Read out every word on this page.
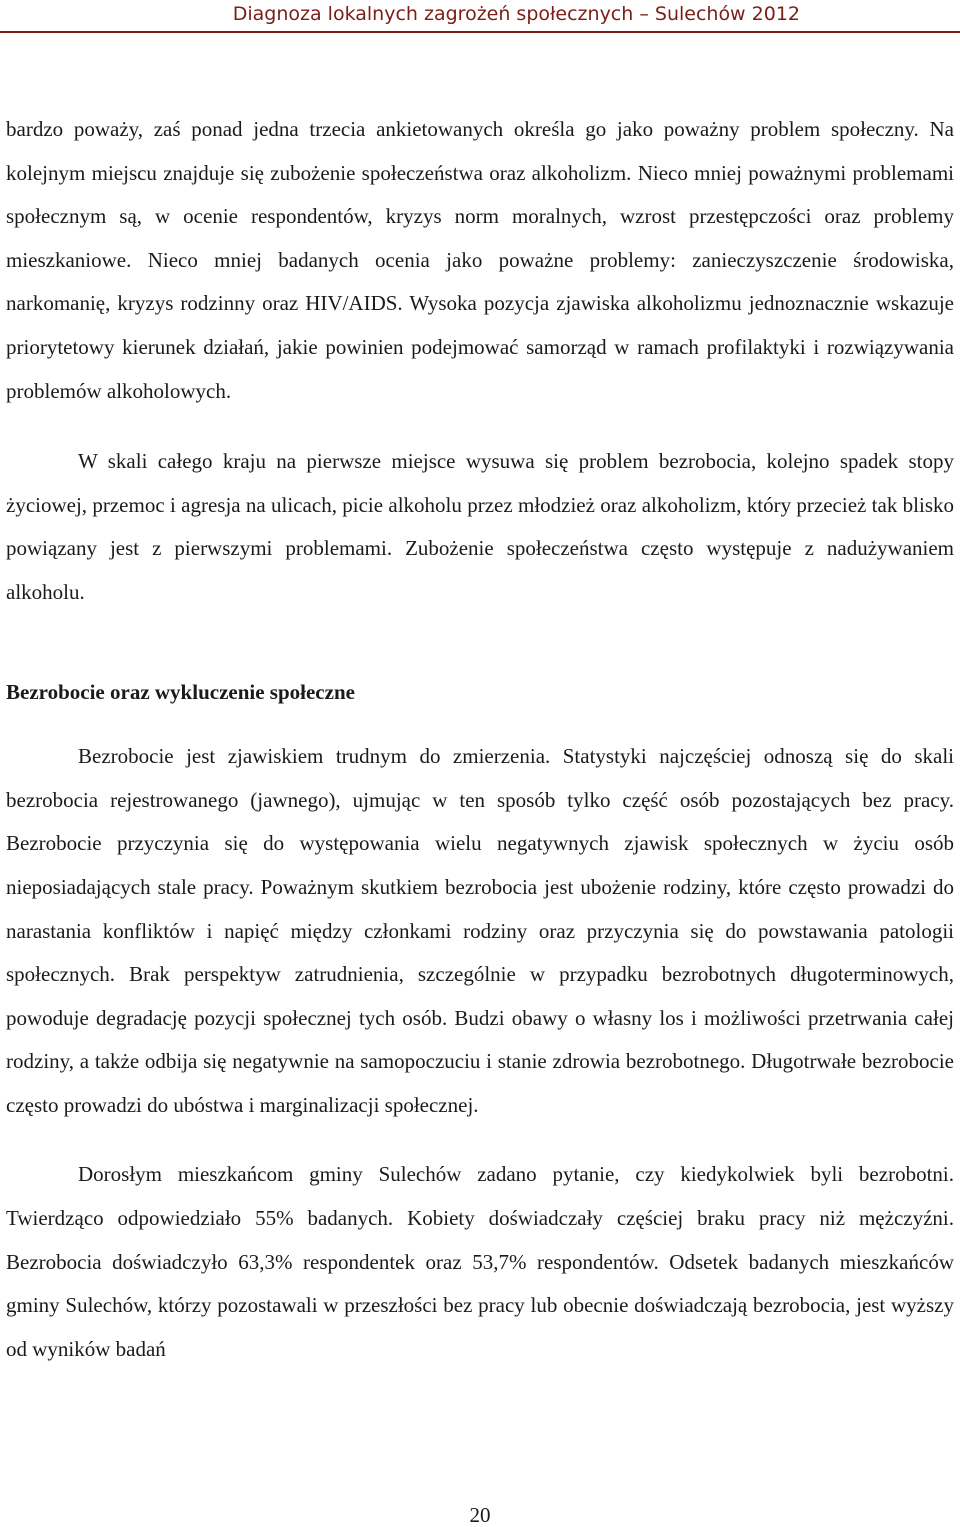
Diagnoza lokalnych zagrożeń społecznych – Sulechów 2012

bardzo poważy, zaś ponad jedna trzecia ankietowanych określa go jako poważny problem społeczny. Na kolejnym miejscu znajduje się zubożenie społeczeństwa oraz alkoholizm. Nieco mniej poważnymi problemami społecznym są, w ocenie respondentów, kryzys norm moralnych, wzrost przestępczości oraz problemy mieszkaniowe. Nieco mniej badanych ocenia jako poważne problemy: zanieczyszczenie środowiska, narkomanię, kryzys rodzinny oraz HIV/AIDS. Wysoka pozycja zjawiska alkoholizmu jednoznacznie wskazuje priorytetowy kierunek działań, jakie powinien podejmować samorząd w ramach profilaktyki i rozwiązywania problemów alkoholowych.

W skali całego kraju na pierwsze miejsce wysuwa się problem bezrobocia, kolejno spadek stopy życiowej, przemoc i agresja na ulicach, picie alkoholu przez młodzież oraz alkoholizm, który przecież tak blisko powiązany jest z pierwszymi problemami. Zubożenie społeczeństwa często występuje z nadużywaniem alkoholu.

Bezrobocie oraz wykluczenie społeczne

Bezrobocie jest zjawiskiem trudnym do zmierzenia. Statystyki najczęściej odnoszą się do skali bezrobocia rejestrowanego (jawnego), ujmując w ten sposób tylko część osób pozostających bez pracy. Bezrobocie przyczynia się do występowania wielu negatywnych zjawisk społecznych w życiu osób nieposiadających stale pracy. Poważnym skutkiem bezrobocia jest ubożenie rodziny, które często prowadzi do narastania konfliktów i napięć między członkami rodziny oraz przyczynia się do powstawania patologii społecznych. Brak perspektyw zatrudnienia, szczególnie w przypadku bezrobotnych długoterminowych, powoduje degradację pozycji społecznej tych osób. Budzi obawy o własny los i możliwości przetrwania całej rodziny, a także odbija się negatywnie na samopoczuciu i stanie zdrowia bezrobotnego. Długotrwałe bezrobocie często prowadzi do ubóstwa i marginalizacji społecznej.

Dorosłym mieszkańcom gminy Sulechów zadano pytanie, czy kiedykolwiek byli bezrobotni. Twierdząco odpowiedziało 55% badanych. Kobiety doświadczały częściej braku pracy niż mężczyźni. Bezrobocia doświadczyło 63,3% respondentek oraz 53,7% respondentów. Odsetek badanych mieszkańców gminy Sulechów, którzy pozostawali w przeszłości bez pracy lub obecnie doświadczają bezrobocia, jest wyższy od wyników badań

20
